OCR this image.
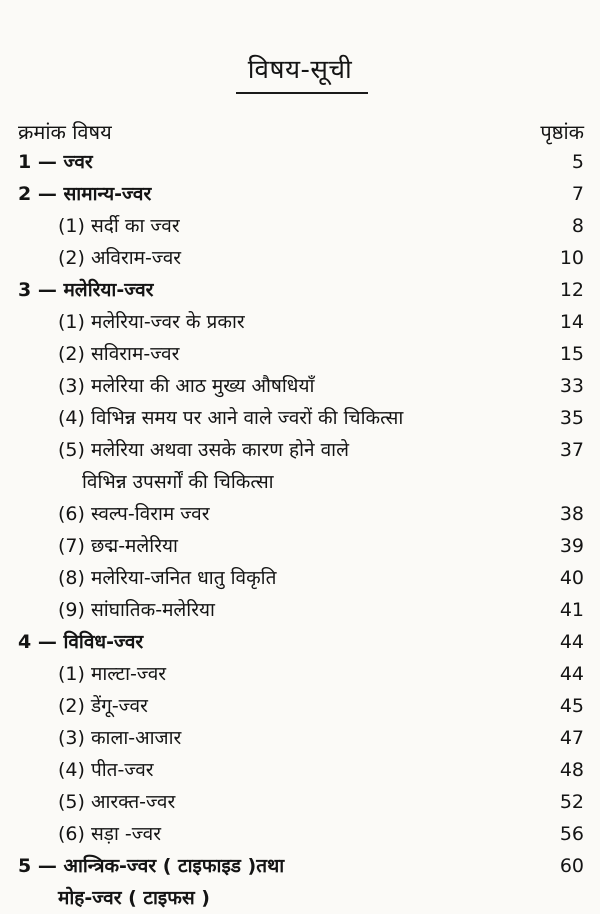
विषय-सूची
क्रमांक विषय	पृष्ठांक
1 — ज्वर	5
2 — सामान्य-ज्वर	7
(1) सर्दी का ज्वर	8
(2) अविराम-ज्वर	10
3 — मलेरिया-ज्वर	12
(1) मलेरिया-ज्वर के प्रकार	14
(2) सविराम-ज्वर	15
(3) मलेरिया की आठ मुख्य औषधियाँ	33
(4) विभिन्न समय पर आने वाले ज्वरों की चिकित्सा	35
(5) मलेरिया अथवा उसके कारण होने वाले	37
विभिन्न उपसर्गों की चिकित्सा
(6) स्वल्प-विराम ज्वर	38
(7) छद्म-मलेरिया	39
(8) मलेरिया-जनित धातु विकृति	40
(9) सांघातिक-मलेरिया	41
4 — विविध-ज्वर	44
(1) माल्टा-ज्वर	44
(2) डेंगू-ज्वर	45
(3) काला-आजार	47
(4) पीत-ज्वर	48
(5) आरक्त-ज्वर	52
(6) सड़ा -ज्वर	56
5 — आन्त्रिक-ज्वर ( टाइफाइड )तथा	60
मोह-ज्वर ( टाइफस )
